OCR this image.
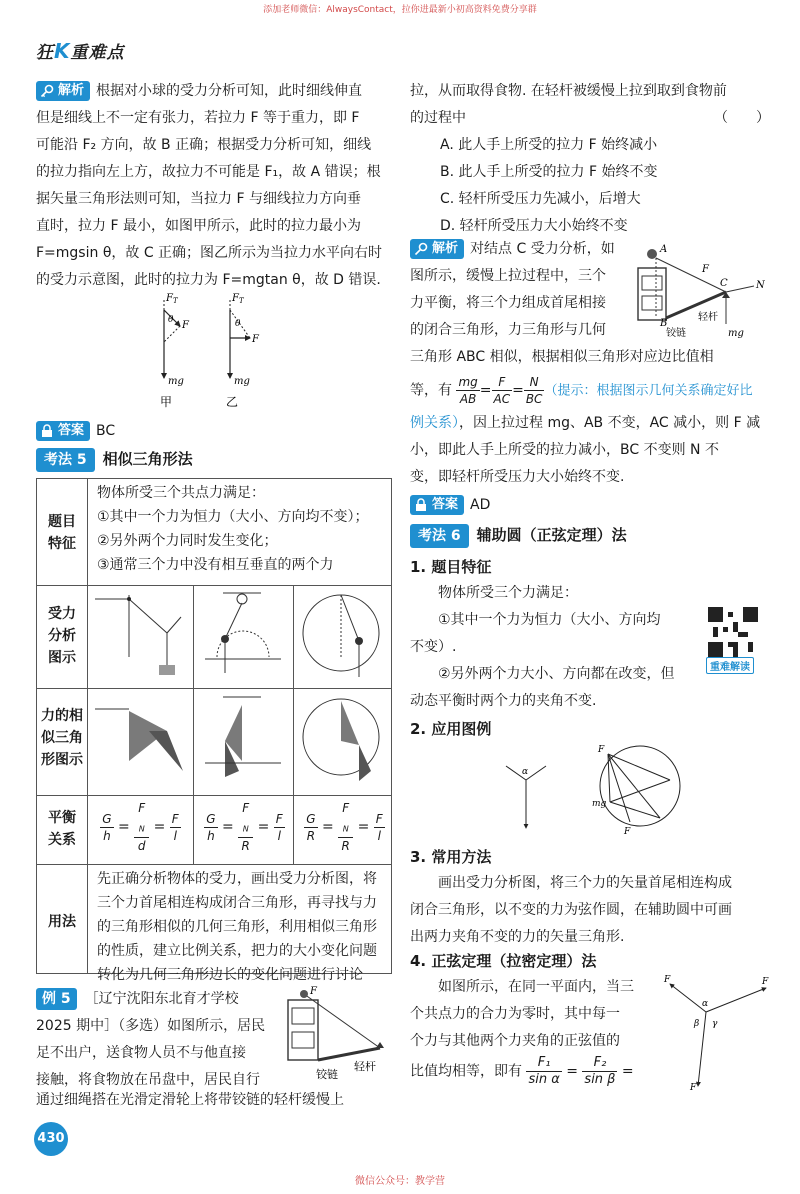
添加老师微信：AlwaysContact，拉你进最新小初高资料免费分享群
狂K重难点
解析 根据对小球的受力分析可知，此时细线伸直
但是细线上不一定有张力，若拉力 F 等于重力，即 F
可能沿 F₂ 方向，故 B 正确；根据受力分析可知，细线
的拉力指向左上方，故拉力不可能是 F₁，故 A 错误；根
据矢量三角形法则可知，当拉力 F 与细线拉力方向垂
直时，拉力 F 最小，如图甲所示，此时的拉力最小为
F=mgsin θ，故 C 正确；图乙所示为当拉力水平向右时
的受力示意图，此时的拉力为 F=mgtan θ，故 D 错误.
F T
F
θ
mg
甲
F T
F
θ
mg
乙
答案 BC
考法 5 相似三角形法
题目
特征
物体所受三个共点力满足：
①其中一个力为恒力（大小、方向均不变）；
②另外两个力同时发生变化；
③通常三个力中没有相互垂直的两个力
受力
分析
图示
力的相
似三角
形图示
平衡
关系
用法
先正确分析物体的受力，画出受力分析图，将
三个力首尾相连构成闭合三角形，再寻找与力
的三角形相似的几何三角形，利用相似三角形
的性质，建立比例关系，把力的大小变化问题
转化为几何三角形边长的变化问题进行讨论
$\frac{G}{h} = F$
$_N$
$d = \frac{F}{l} \frac{G}{h} = F$
$_N$
$R = \frac{F}{l} \frac{G}{R} = F$
$_N$
$R = \frac{F}{l}$
例 5 ［辽宁沈阳东北育才学校
2025 期中］（多选）如图所示，居民
足不出户，送食物人员不与他直接
接触，将食物放在吊盘中，居民自行
通过细绳搭在光滑定滑轮上将带铰链的轻杆缓慢上
F
轻杆
铰链
拉，从而取得食物. 在轻杆被缓慢上拉到取到食物前
的过程中	（　　）
A. 此人手上所受的拉力 F 始终减小
B. 此人手上所受的拉力 F 始终不变
C. 轻杆所受压力先减小，后增大
D. 轻杆所受压力大小始终不变
解析 对结点 C 受力分析，如
图所示，缓慢上拉过程中，三个
力平衡，将三个力组成首尾相接
的闭合三角形，力三角形与几何
三角形 ABC 相似，根据相似三角形对应边比值相
A
B
C
F
N
mg
轻杆
铰链
等，有 $\frac{mg}{AB} = \frac{F}{AC} = \frac{N}{BC}$ （提示：根据图示几何关系确定好比
例关系），因上拉过程 mg、AB 不变，AC 减小，则 F 减
小，即此人手上所受的拉力减小，BC 不变则 N 不
变，即轻杆所受压力大小始终不变.
答案 AD
考法 6 辅助圆（正弦定理）法
1. 题目特征
物体所受三个力满足：
①其中一个力为恒力（大小、方向均
不变）.
②另外两个力大小、方向都在改变，但
动态平衡时两个力的夹角不变.
重难解读
2. 应用图例
α
F
mg
F
3. 常用方法
画出受力分析图，将三个力的矢量首尾相连构成
闭合三角形，以不变的力为弦作圆，在辅助圆中可画
出两力夹角不变的力的矢量三角形.
4. 正弦定理（拉密定理）法
如图所示，在同一平面内，当三
个共点力的合力为零时，其中每一
个力与其他两个力夹角的正弦值的
比值均相等，即有 $\frac{\text{F₁}}{\text{sin α}} = \frac{\text{F₂}}{\text{sin β}}$ =
F	F
F
α
β γ
430
微信公众号：教学营
